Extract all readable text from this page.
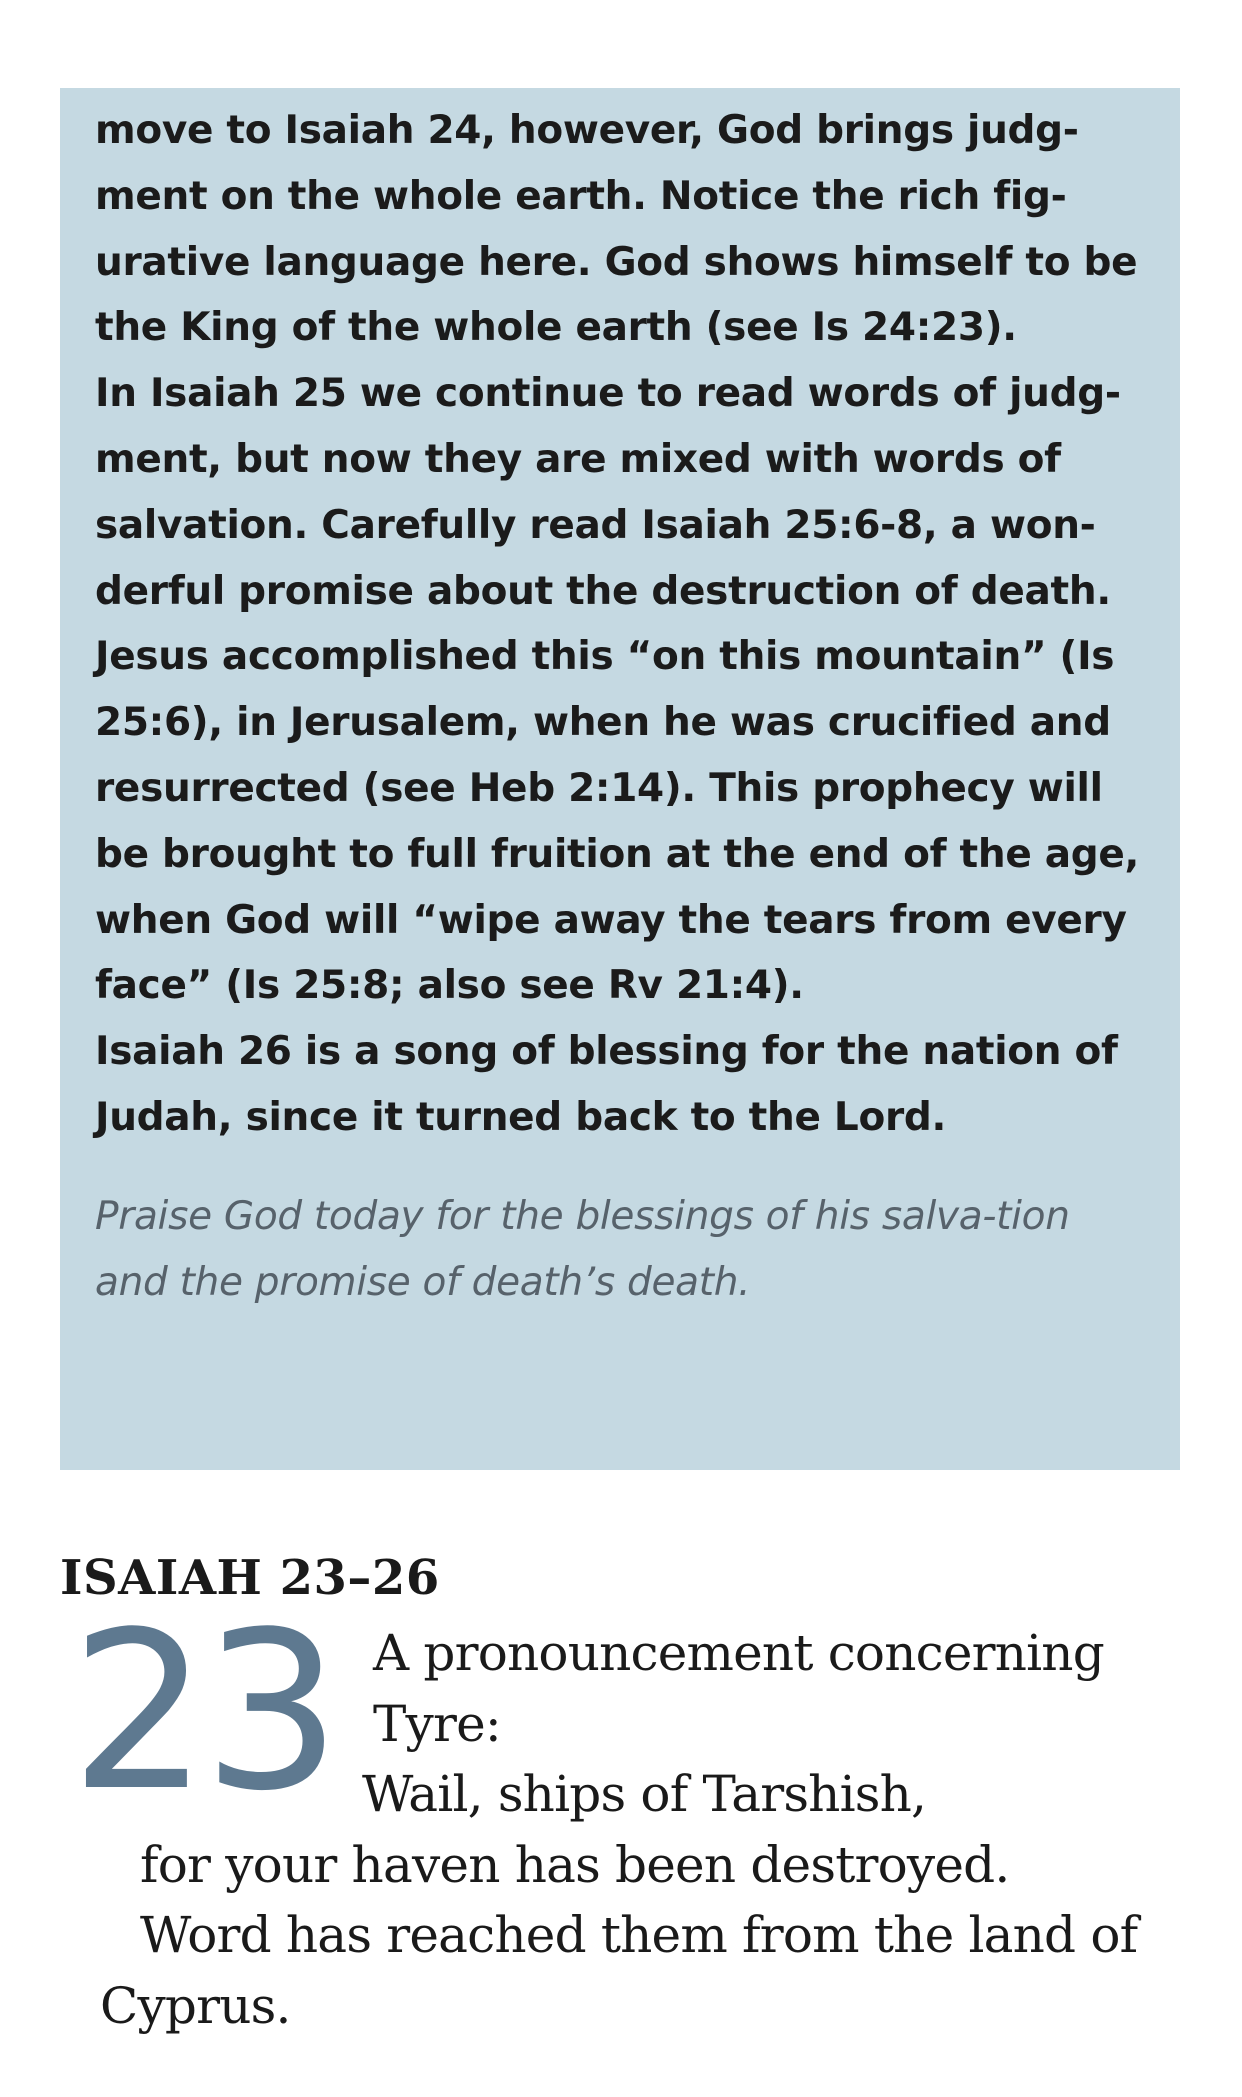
move to Isaiah 24, however, God brings judg-ment on the whole earth. Notice the rich fig-urative language here. God shows himself to be the King of the whole earth (see Is 24:23).

In Isaiah 25 we continue to read words of judg-ment, but now they are mixed with words of salvation. Carefully read Isaiah 25:6-8, a won-derful promise about the destruction of death. Jesus accomplished this “on this mountain” (Is 25:6), in Jerusalem, when he was crucified and resurrected (see Heb 2:14). This prophecy will be brought to full fruition at the end of the age, when God will “wipe away the tears from every face” (Is 25:8; also see Rv 21:4).

Isaiah 26 is a song of blessing for the nation of Judah, since it turned back to the Lord.

Praise God today for the blessings of his salva-tion and the promise of death’s death.

ISAIAH 23–26
23 A pronouncement concerning

Tyre:

Wail, ships of Tarshish,

for your haven has been destroyed.

Word has reached them from the land of

Cyprus.
